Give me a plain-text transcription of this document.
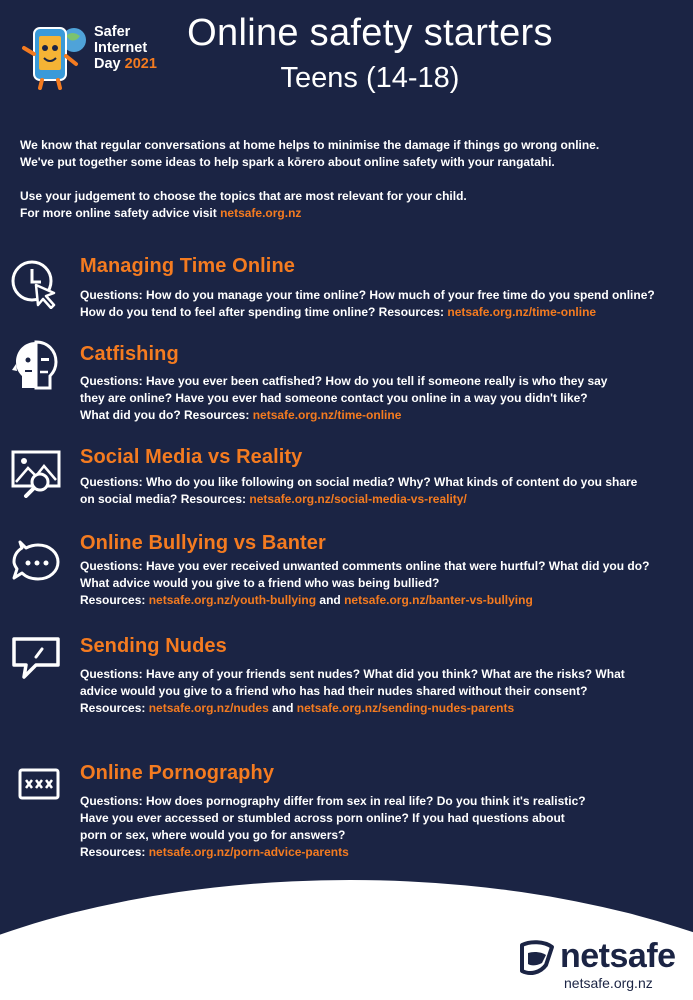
Safer
Internet
Day 2021
Online safety starters
Teens (14-18)

We know that regular conversations at home helps to minimise the damage if things go wrong online.

We've put together some ideas to help spark a kōrero about online safety with your rangatahi.

Use your judgement to choose the topics that are most relevant for your child.

For more online safety advice visit netsafe.org.nz

Managing Time Online
Questions: How do you manage your time online? How much of your free time do you spend online?
How do you tend to feel after spending time online? Resources: netsafe.org.nz/time-online
Catfishing
Questions: Have you ever been catfished? How do you tell if someone really is who they say
they are online? Have you ever had someone contact you online in a way you didn't like?
What did you do? Resources: netsafe.org.nz/time-online
Social Media vs Reality
Questions: Who do you like following on social media? Why? What kinds of content do you share
on social media? Resources: netsafe.org.nz/social-media-vs-reality/
Online Bullying vs Banter
Questions: Have you ever received unwanted comments online that were hurtful? What did you do?
What advice would you give to a friend who was being bullied?
Resources: netsafe.org.nz/youth-bullying and netsafe.org.nz/banter-vs-bullying
Sending Nudes
Questions: Have any of your friends sent nudes? What did you think? What are the risks? What
advice would you give to a friend who has had their nudes shared without their consent?
Resources: netsafe.org.nz/nudes and netsafe.org.nz/sending-nudes-parents
Online Pornography
Questions: How does pornography differ from sex in real life? Do you think it's realistic?
Have you ever accessed or stumbled across porn online? If you had questions about
porn or sex, where would you go for answers?
Resources: netsafe.org.nz/porn-advice-parents
netsafe
netsafe.org.nz
